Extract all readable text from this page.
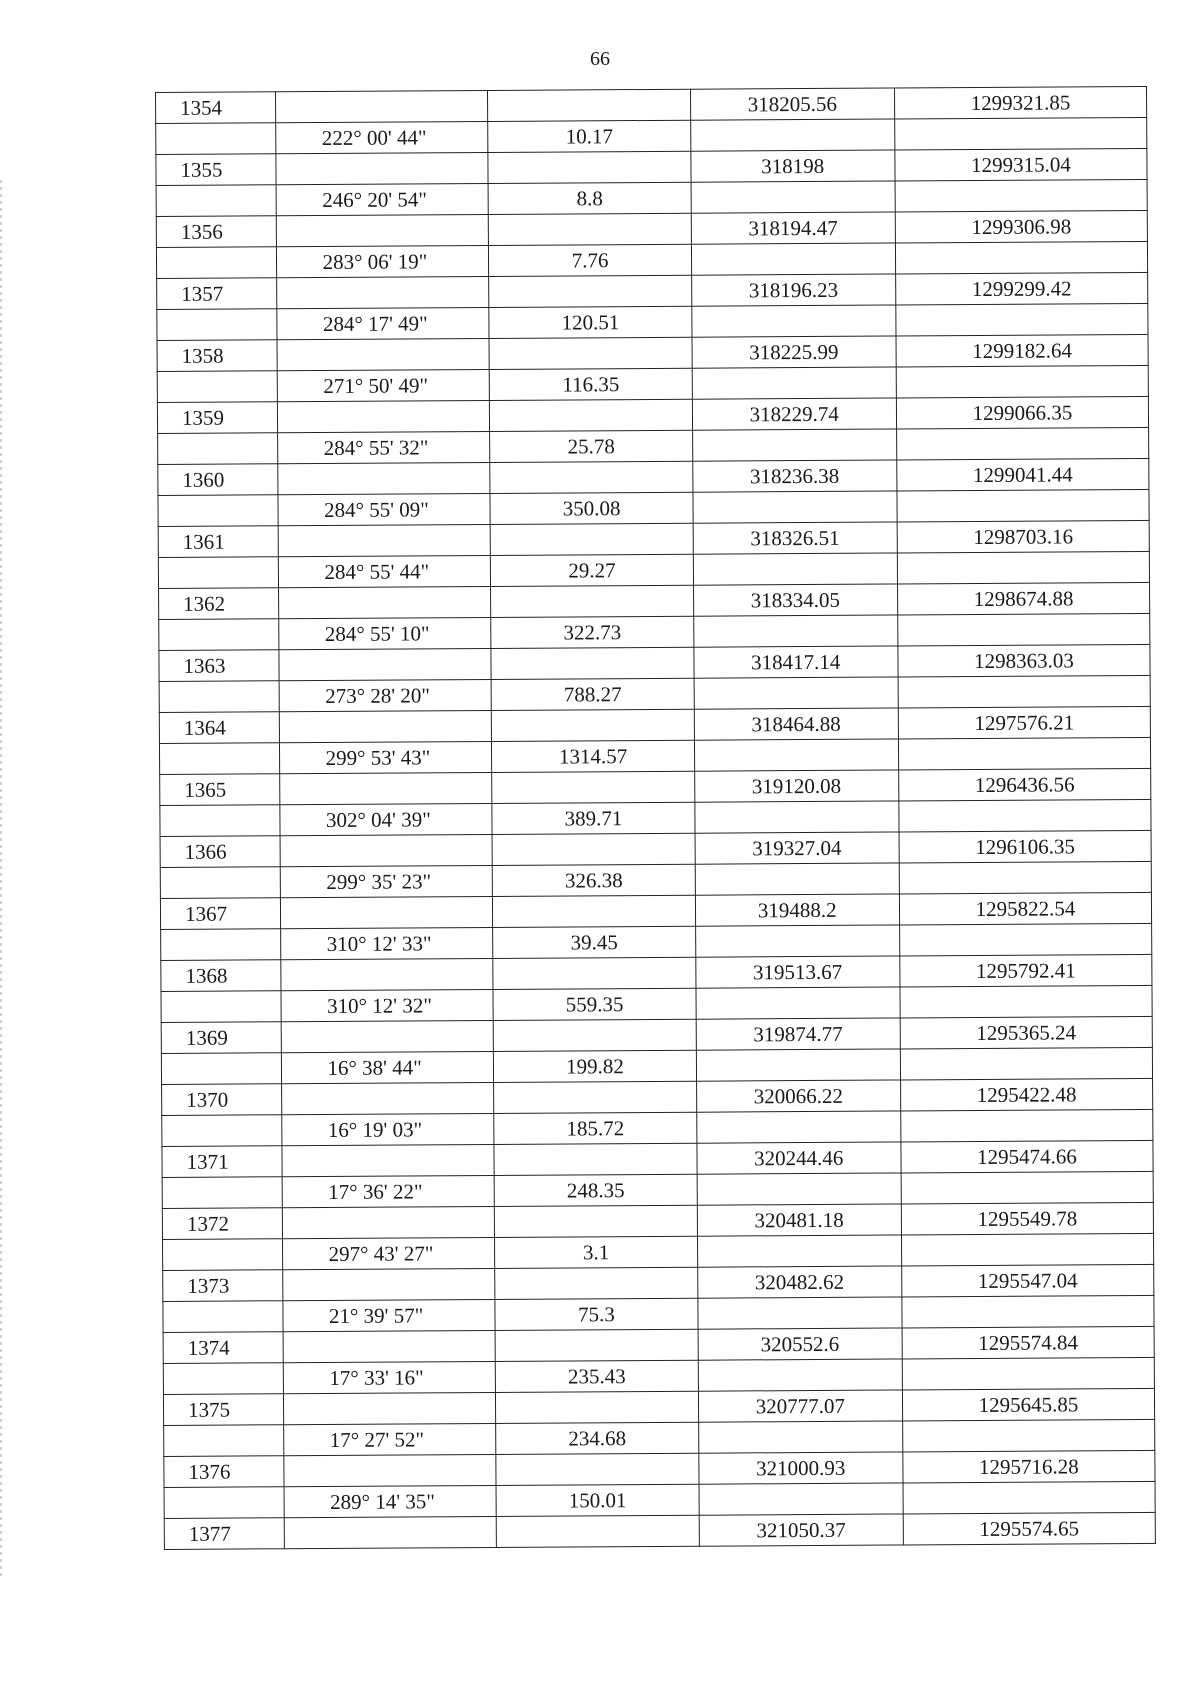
66
1354			318205.56	1299321.85
	222° 00' 44"	10.17		
1355			318198	1299315.04
	246° 20' 54"	8.8		
1356			318194.47	1299306.98
	283° 06' 19"	7.76		
1357			318196.23	1299299.42
	284° 17' 49"	120.51		
1358			318225.99	1299182.64
	271° 50' 49"	116.35		
1359			318229.74	1299066.35
	284° 55' 32"	25.78		
1360			318236.38	1299041.44
	284° 55' 09"	350.08		
1361			318326.51	1298703.16
	284° 55' 44"	29.27		
1362			318334.05	1298674.88
	284° 55' 10"	322.73		
1363			318417.14	1298363.03
	273° 28' 20"	788.27		
1364			318464.88	1297576.21
	299° 53' 43"	1314.57		
1365			319120.08	1296436.56
	302° 04' 39"	389.71		
1366			319327.04	1296106.35
	299° 35' 23"	326.38		
1367			319488.2	1295822.54
	310° 12' 33"	39.45		
1368			319513.67	1295792.41
	310° 12' 32"	559.35		
1369			319874.77	1295365.24
	16° 38' 44"	199.82		
1370			320066.22	1295422.48
	16° 19' 03"	185.72		
1371			320244.46	1295474.66
	17° 36' 22"	248.35		
1372			320481.18	1295549.78
	297° 43' 27"	3.1		
1373			320482.62	1295547.04
	21° 39' 57"	75.3		
1374			320552.6	1295574.84
	17° 33' 16"	235.43		
1375			320777.07	1295645.85
	17° 27' 52"	234.68		
1376			321000.93	1295716.28
	289° 14' 35"	150.01		
1377			321050.37	1295574.65
